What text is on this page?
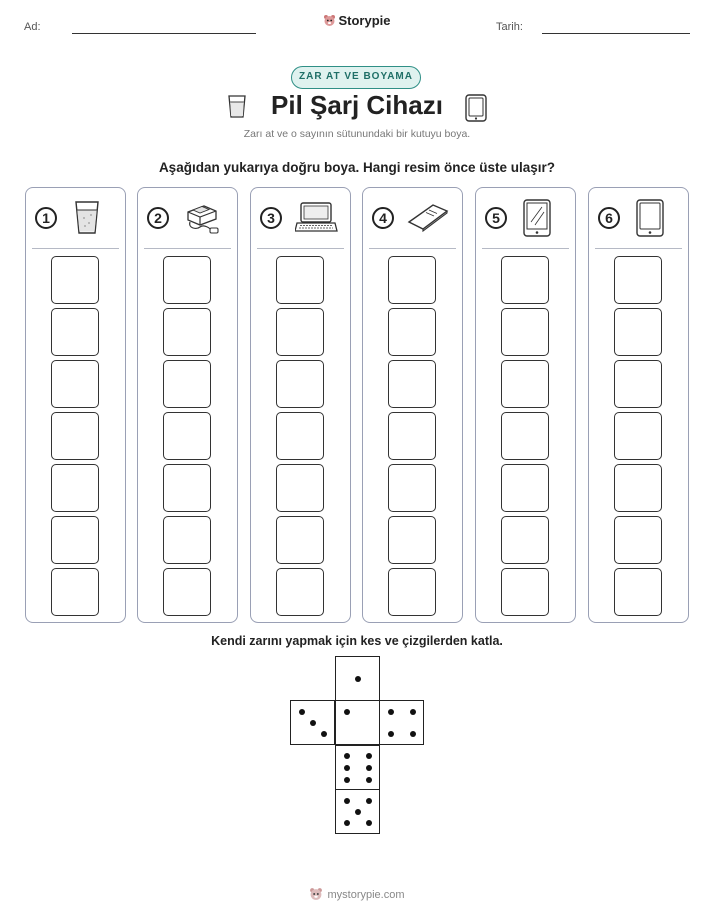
Ad:	Storypie	Tarih:
ZAR AT VE BOYAMA
Pil Şarj Cihazı
Zarı at ve o sayının sütunundaki bir kutuyu boya.
Aşağıdan yukarıya doğru boya. Hangi resim önce üste ulaşır?
1	2	3	4	5	6
Kendi zarını yapmak için kes ve çizgilerden katla.
mystorypie.com
